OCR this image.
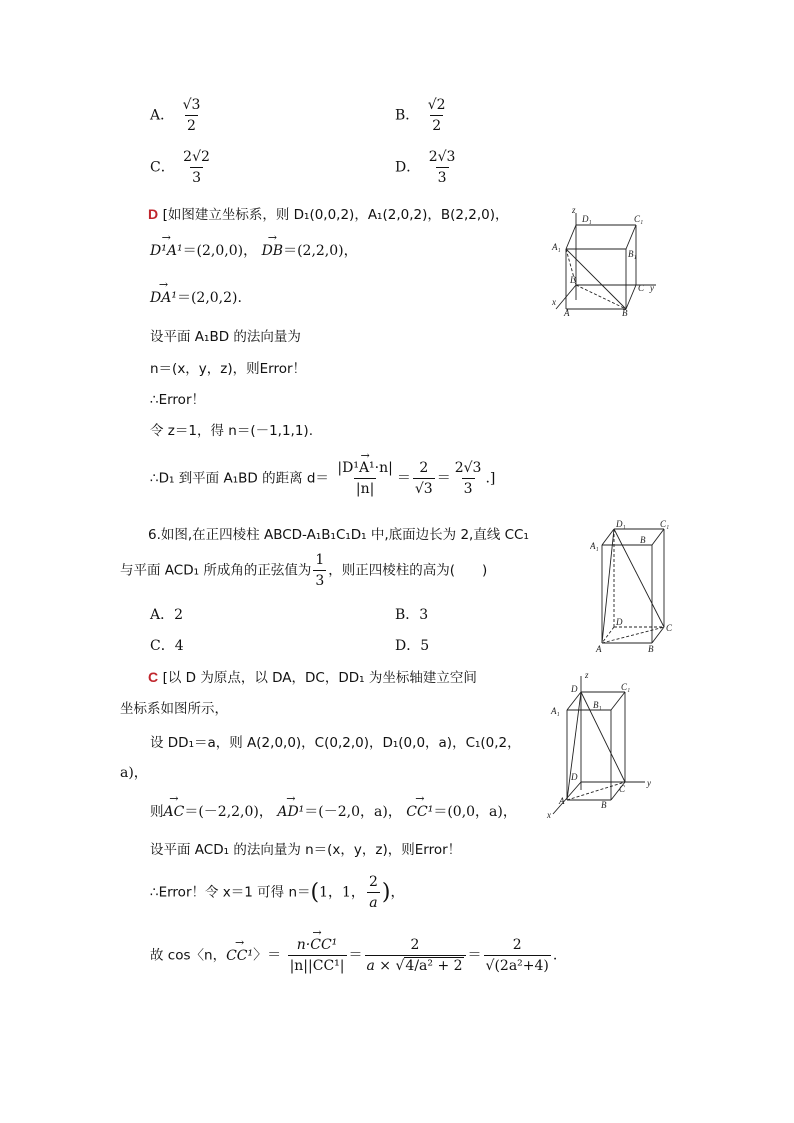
A． $\frac{√3}{2}$	B． $\frac{√2}{2}$
C． $\frac{2√2}{3}$	D． $\frac{2√3}{3}$
D [如图建立坐标系，则 D₁(0,0,2)，A₁(2,0,2)，B(2,2,0)，
→ D¹A¹＝(2,0,0)， → DB＝(2,2,0)，
→ DA¹＝(2,0,2).
设平面 A₁BD 的法向量为
n＝(x，y，z)，则Error！
∴Error！
令 z＝1，得 n＝(－1,1,1).
∴D₁ 到平面 A₁BD 的距离 $d= \to \frac{\text{|D¹A¹·n|}}{|n|} = \frac{2}{√3} = \frac{2√3}{3}$ .]
6.如图,在正四棱柱 ABCD-A₁B₁C₁D₁ 中,底面边长为 2,直线 CC₁
与平面 ACD₁ 所成角的正弦值为 $\frac{1}{3}$ ，则正四棱柱的高为(　　)
A．2	B．3
C．4	D．5
C [以 D 为原点，以 DA，DC，DD₁ 为坐标轴建立空间
坐标系如图所示，
设 DD₁＝a，则 A(2,0,0)，C(0,2,0)，D₁(0,0，a)，C₁(0,2，
a)，
则→ AC＝(－2,2,0)， → AD¹＝(－2,0，a)， → CC¹＝(0,0，a)，
设平面 ACD₁ 的法向量为 n＝(x，y，z)，则Error！
∴Error！令 x＝1 可得 n＝(1，1， $\frac{2}{a}$ )，
故 cos〈n，→ CC¹〉＝ → $\frac{\text{n·CC¹}}{\text{|n||CC¹|}} = \frac{2}{\text{a × √4/a² + 2}} = \frac{2}{\text{√(2a²+4)}}$ .
z
D₁	C₁
A₁
B₁
D
C y
x
A	B
D₁	C₁
A₁
B
D
C
A	B
z
D	C₁
A₁
B₁
D
C
y
A	B
x
